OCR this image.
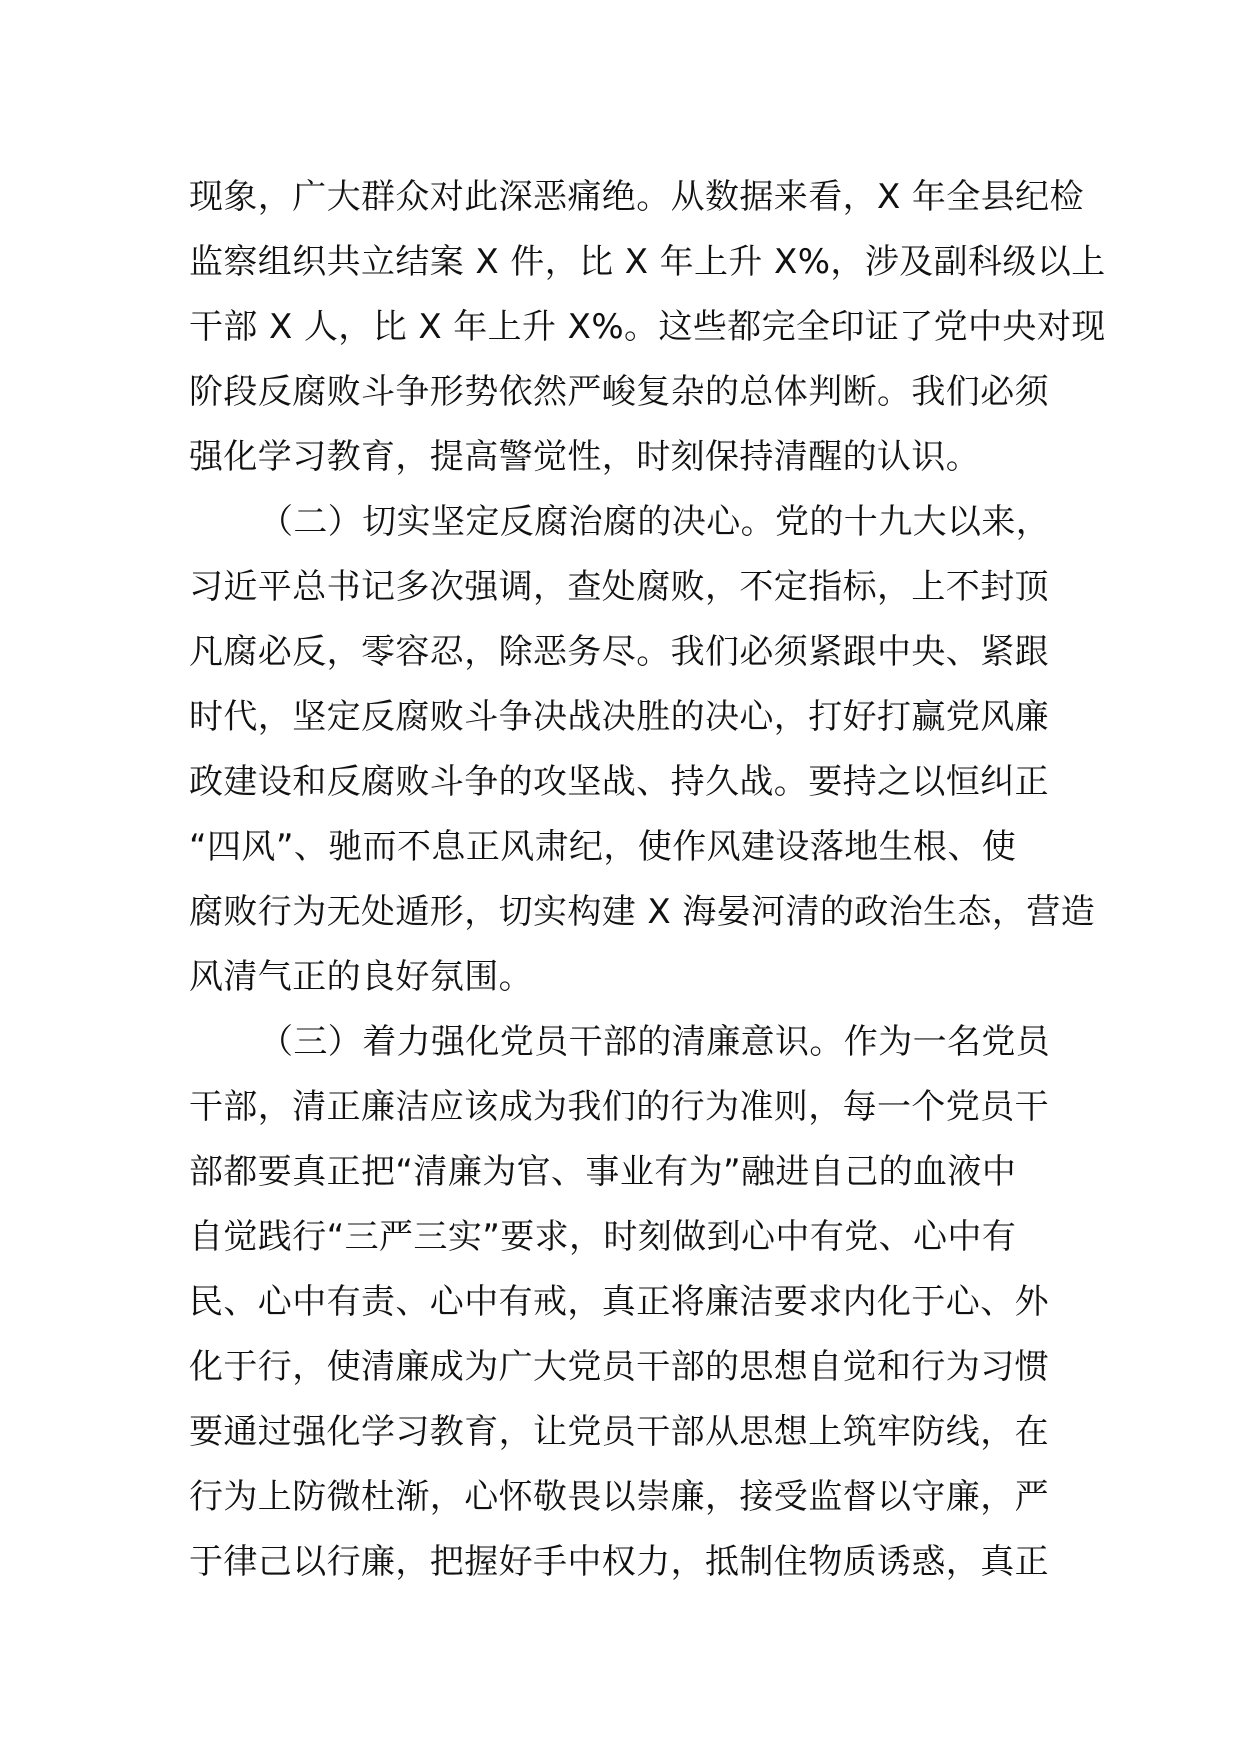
现象，广大群众对此深恶痛绝。从数据来看，X 年全县纪检
监察组织共立结案 X 件，比 X 年上升 X%，涉及副科级以上
干部 X 人，比 X 年上升 X%。这些都完全印证了党中央对现
阶段反腐败斗争形势依然严峻复杂的总体判断。我们必须
强化学习教育，提高警觉性，时刻保持清醒的认识。
（二）切实坚定反腐治腐的决心。党的十九大以来，
习近平总书记多次强调，查处腐败，不定指标，上不封顶
凡腐必反，零容忍，除恶务尽。我们必须紧跟中央、紧跟
时代，坚定反腐败斗争决战决胜的决心，打好打赢党风廉
政建设和反腐败斗争的攻坚战、持久战。要持之以恒纠正
“四风”、驰而不息正风肃纪，使作风建设落地生根、使
腐败行为无处遁形，切实构建 X 海晏河清的政治生态，营造
风清气正的良好氛围。
（三）着力强化党员干部的清廉意识。作为一名党员
干部，清正廉洁应该成为我们的行为准则，每一个党员干
部都要真正把“清廉为官、事业有为”融进自己的血液中
自觉践行“三严三实”要求，时刻做到心中有党、心中有
民、心中有责、心中有戒，真正将廉洁要求内化于心、外
化于行，使清廉成为广大党员干部的思想自觉和行为习惯
要通过强化学习教育，让党员干部从思想上筑牢防线，在
行为上防微杜渐，心怀敬畏以崇廉，接受监督以守廉，严
于律己以行廉，把握好手中权力，抵制住物质诱惑，真正
